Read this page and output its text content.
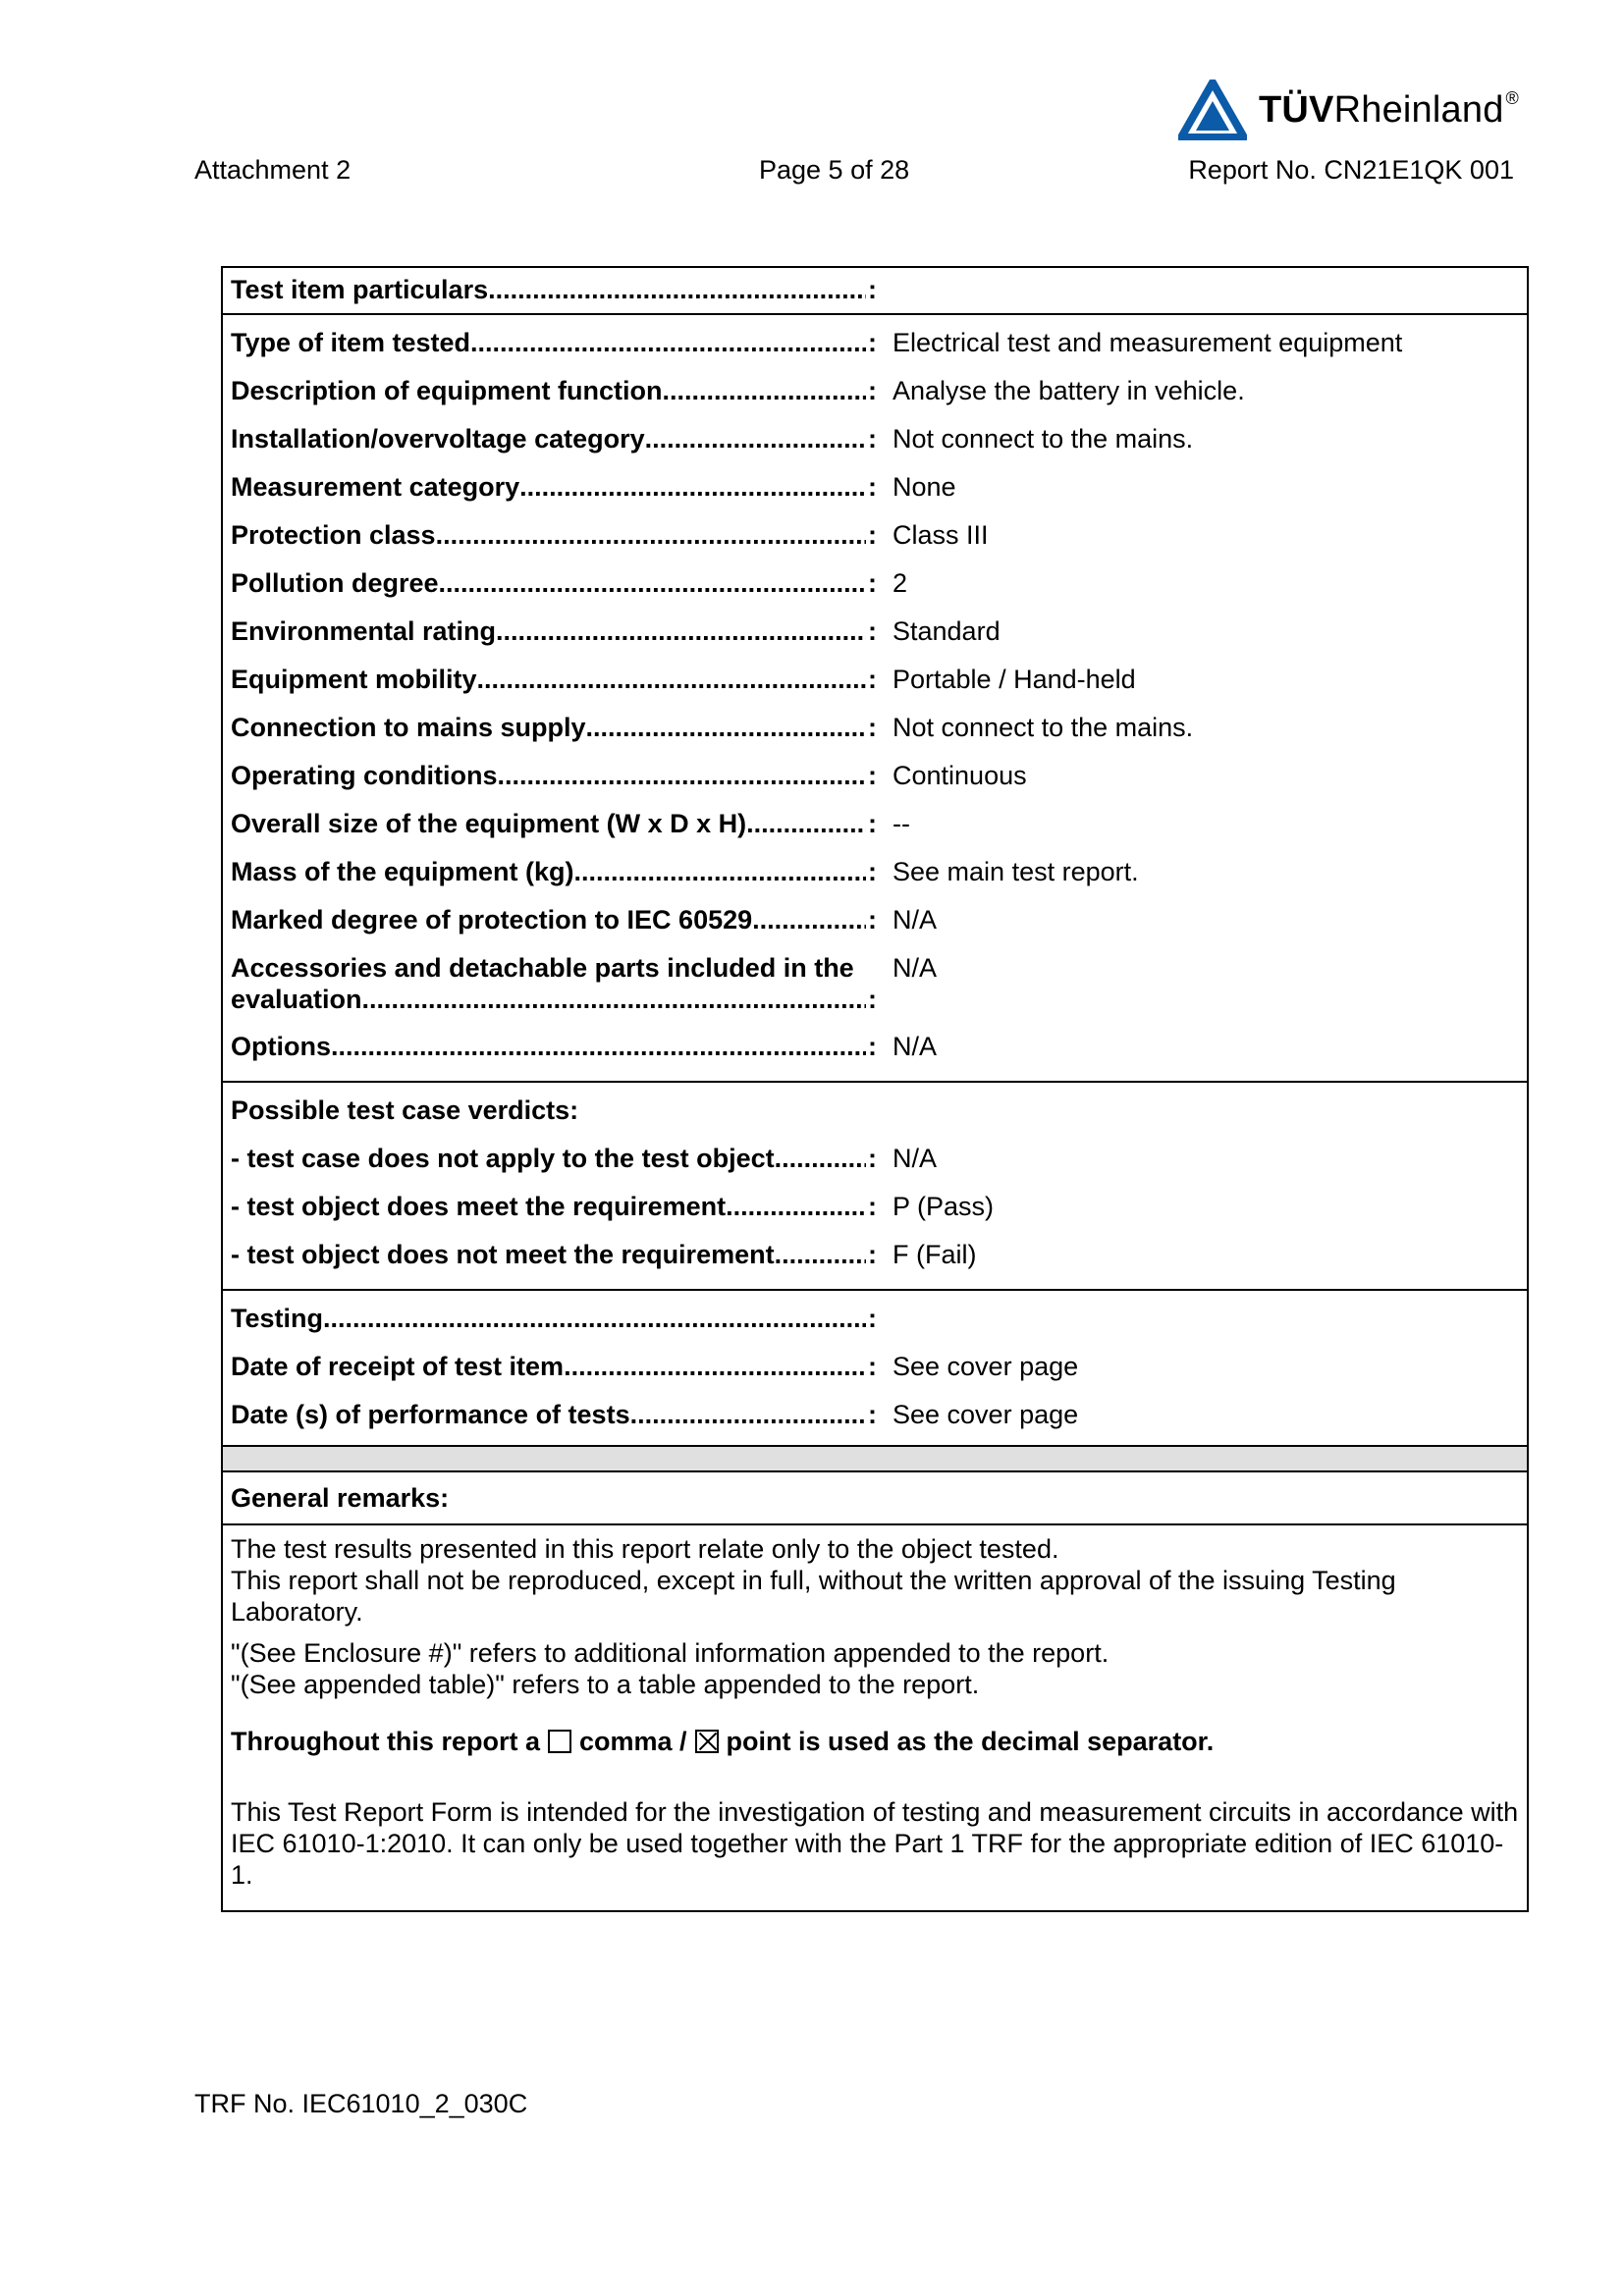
TÜVRheinland ®
Attachment 2	Page 5 of 28	Report No. CN21E1QK 001
Test item particulars .....	:
Type of item tested .....	: Electrical test and measurement equipment
Description of equipment function .....	: Analyse the battery in vehicle.
Installation/overvoltage category .....	: Not connect to the mains.
Measurement category .....	: None
Protection class .....	: Class III
Pollution degree .....	: 2
Environmental rating .....	: Standard
Equipment mobility .....	: Portable / Hand-held
Connection to mains supply .....	: Not connect to the mains.
Operating conditions .....	: Continuous
Overall size of the equipment (W x D x H) .....	: --
Mass of the equipment (kg) .....	: See main test report.
Marked degree of protection to IEC 60529 .....	: N/A
Accessories and detachable parts included in the
evaluation .....	:
N/A
Options .....	: N/A
Possible test case verdicts:
- test case does not apply to the test object .....	: N/A
- test object does meet the requirement .....	: P (Pass)
- test object does not meet the requirement .....	: F (Fail)
Testing .....	:
Date of receipt of test item .....	: See cover page
Date (s) of performance of tests .....	: See cover page
General remarks:

The test results presented in this report relate only to the object tested.
This report shall not be reproduced, except in full, without the written approval of the issuing Testing Laboratory.

"(See Enclosure #)" refers to additional information appended to the report.
"(See appended table)" refers to a table appended to the report.

Throughout this report a comma / point is used as the decimal separator.

This Test Report Form is intended for the investigation of testing and measurement circuits in accordance with IEC 61010-1:2010. It can only be used together with the Part 1 TRF for the appropriate edition of IEC 61010-1.

TRF No. IEC61010_2_030C
